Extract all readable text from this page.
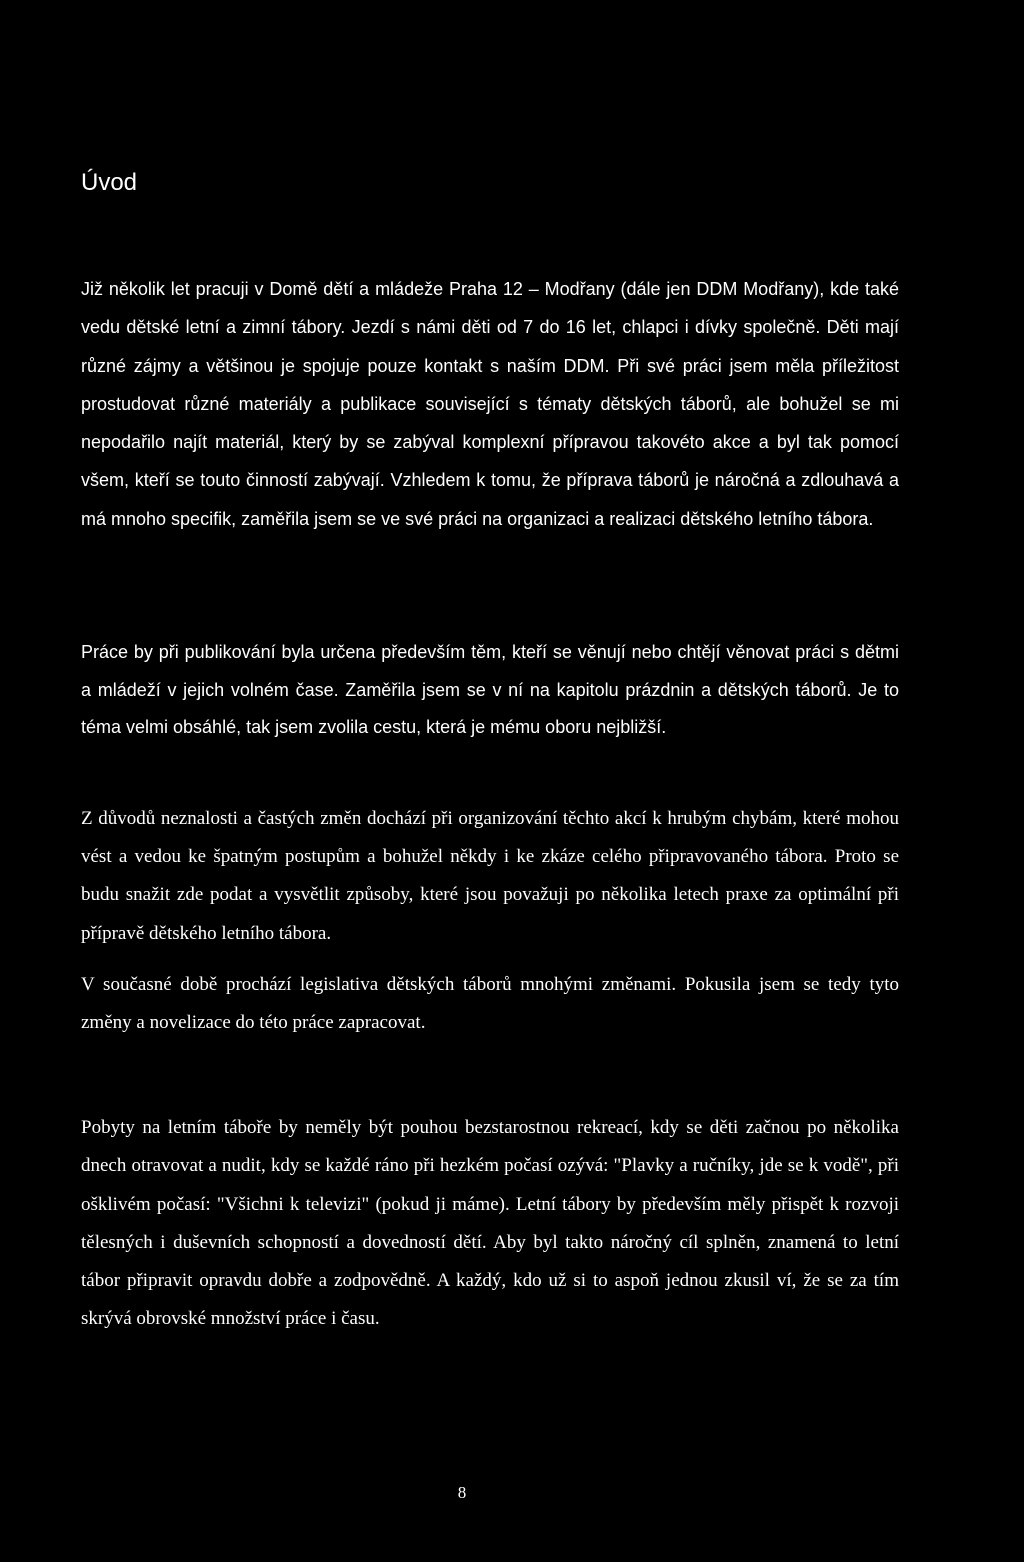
Úvod

Již několik let pracuji v Domě dětí a mládeže Praha 12 – Modřany (dále jen DDM Modřany), kde také vedu dětské letní a zimní tábory. Jezdí s námi děti od 7 do 16 let, chlapci i dívky společně. Děti mají různé zájmy a většinou je spojuje pouze kontakt s naším DDM. Při své práci jsem měla příležitost prostudovat různé materiály a publikace související s tématy dětských táborů, ale bohužel se mi nepodařilo najít materiál, který by se zabýval komplexní přípravou takovéto akce a byl tak pomocí všem, kteří se touto činností zabývají. Vzhledem k tomu, že příprava táborů je náročná a zdlouhavá a má mnoho specifik, zaměřila jsem se ve své práci na organizaci a realizaci dětského letního tábora.

Práce by při publikování byla určena především těm, kteří se věnují nebo chtějí věnovat práci s dětmi a mládeží v jejich volném čase. Zaměřila jsem se v ní na kapitolu prázdnin a dětských táborů. Je to téma velmi obsáhlé, tak jsem zvolila cestu, která je mému oboru nejbližší.

Z důvodů neznalosti a častých změn dochází při organizování těchto akcí k hrubým chybám, které mohou vést a vedou ke špatným postupům a bohužel někdy i ke zkáze celého připravovaného tábora. Proto se budu snažit zde podat a vysvětlit způsoby, které jsou považuji po několika letech praxe za optimální při přípravě dětského letního tábora.

V současné době prochází legislativa dětských táborů mnohými změnami. Pokusila jsem se tedy tyto změny a novelizace do této práce zapracovat.

Pobyty na letním táboře by neměly být pouhou bezstarostnou rekreací, kdy se děti začnou po několika dnech otravovat a nudit, kdy se každé ráno při hezkém počasí ozývá: "Plavky a ručníky, jde se k vodě", při ošklivém počasí: "Všichni k televizi" (pokud ji máme). Letní tábory by především měly přispět k rozvoji tělesných i duševních schopností a dovedností dětí. Aby byl takto náročný cíl splněn, znamená to letní tábor připravit opravdu dobře a zodpovědně. A každý, kdo už si to aspoň jednou zkusil ví, že se za tím skrývá obrovské množství práce i času.

8
